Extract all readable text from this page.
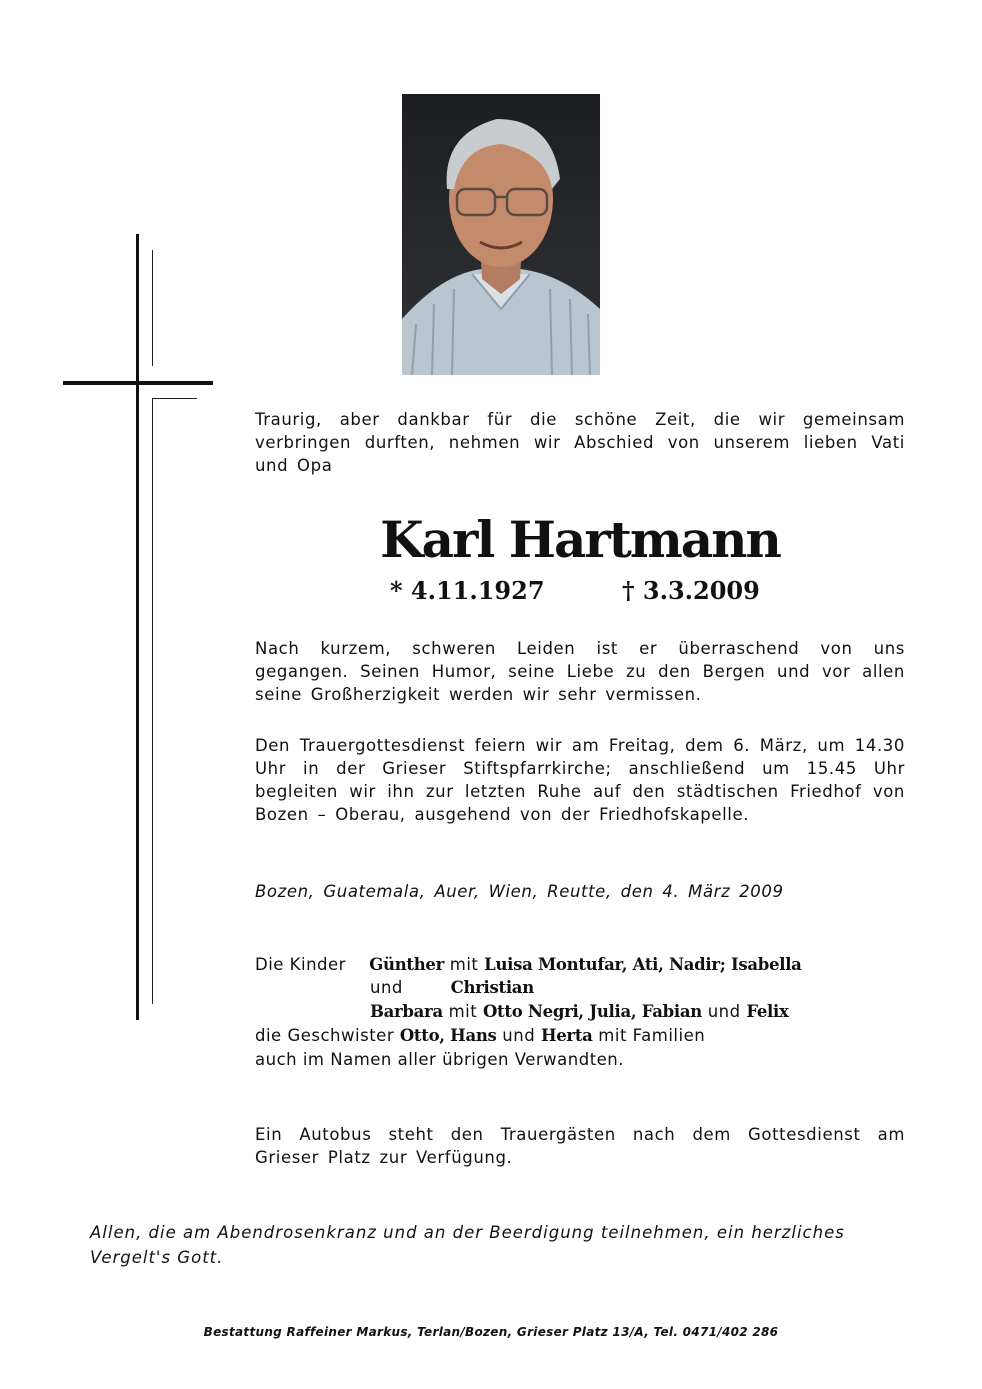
Traurig, aber dankbar für die schöne Zeit, die wir gemeinsam verbringen durften, nehmen wir Abschied von unserem lieben Vati und Opa
Karl Hartmann
* 4.11.1927	† 3.3.2009
Nach kurzem, schweren Leiden ist er überraschend von uns gegangen. Seinen Humor, seine Liebe zu den Bergen und vor allen seine Großherzigkeit werden wir sehr vermissen.
Den Trauergottesdienst feiern wir am Freitag, dem 6. März, um 14.30 Uhr in der Grieser Stiftspfarrkirche; anschließend um 15.45 Uhr begleiten wir ihn zur letzten Ruhe auf den städtischen Friedhof von Bozen – Oberau, ausgehend von der Friedhofskapelle.
Bozen, Guatemala, Auer, Wien, Reutte, den 4. März 2009
Die Kinder Günther mit Luisa Montufar, Ati, Nadir; Isabella
und	Christian
Barbara mit Otto Negri, Julia, Fabian und Felix
die Geschwister Otto, Hans und Herta mit Familien
auch im Namen aller übrigen Verwandten.
Ein Autobus steht den Trauergästen nach dem Gottesdienst am Grieser Platz zur Verfügung.
Allen, die am Abendrosenkranz und an der Beerdigung teilnehmen, ein herzliches Vergelt's Gott.
Bestattung Raffeiner Markus, Terlan/Bozen, Grieser Platz 13/A, Tel. 0471/402 286
